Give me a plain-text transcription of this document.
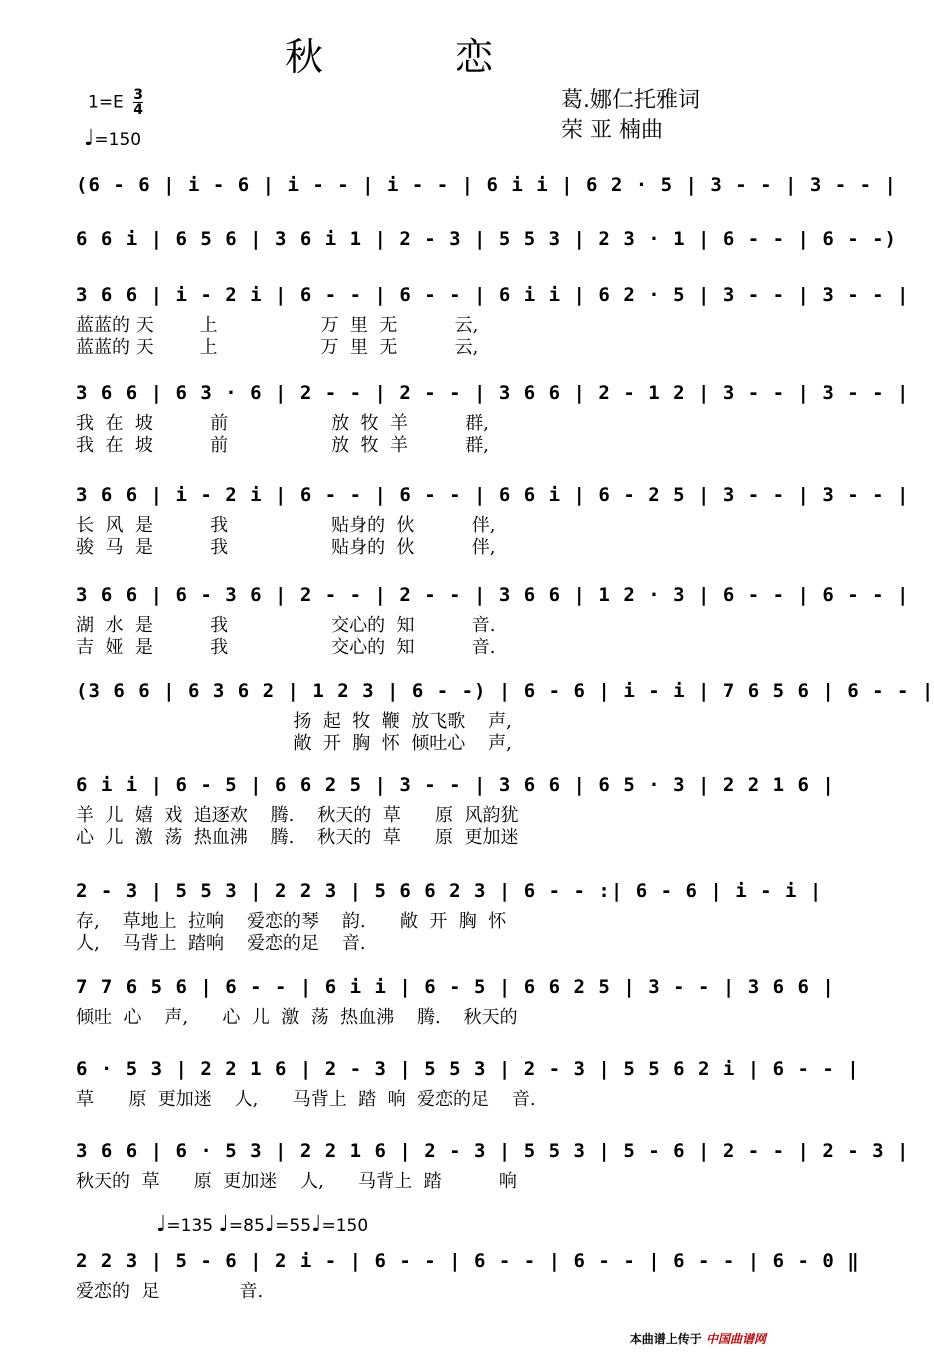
秋 恋
$1=E \frac{3}{4}$
♩=150
葛.娜仁托雅词
荣 亚 楠曲
(6 - 6 | i - 6 | i - - | i - - | 6 i i | 6 2 · 5 | 3 - - | 3 - - |
6 6 i | 6 5 6 | 3 6 i 1 | 2 - 3 | 5 5 3 | 2 3 · 1 | 6 - - | 6 - -)
3 6 6 | i - 2 i | 6 - - | 6 - - | 6 i i | 6 2 · 5 | 3 - - | 3 - - |
蓝蓝的 天        上                  万  里  无          云,
蓝蓝的 天        上                  万  里  无          云,
3 6 6 | 6 3 · 6 | 2 - - | 2 - - | 3 6 6 | 2 - 1 2 | 3 - - | 3 - - |
我  在  坡          前                  放  牧  羊          群,
我  在  坡          前                  放  牧  羊          群,
3 6 6 | i - 2 i | 6 - - | 6 - - | 6 6 i | 6 - 2 5 | 3 - - | 3 - - |
长  风  是          我                  贴身的  伙          伴,
骏  马  是          我                  贴身的  伙          伴,
3 6 6 | 6 - 3 6 | 2 - - | 2 - - | 3 6 6 | 1 2 · 3 | 6 - - | 6 - - |
湖  水  是          我                  交心的  知          音.
吉  娅  是          我                  交心的  知          音.
(3 6 6 | 6 3 6 2 | 1 2 3 | 6 - -) | 6 - 6 | i - i | 7 6 5 6 | 6 - - |
扬  起  牧  鞭  放飞歌    声,
敞  开  胸  怀  倾吐心    声,
6 i i | 6 - 5 | 6 6 2 5 | 3 - - | 3 6 6 | 6 5 · 3 | 2 2 1 6 |
羊  儿  嬉  戏  追逐欢    腾.    秋天的  草      原  风韵犹
心  儿  激  荡  热血沸    腾.    秋天的  草      原  更加迷
2 - 3 | 5 5 3 | 2 2 3 | 5 6 6 2 3 | 6 - - :| 6 - 6 | i - i |
存,    草地上  拉响    爱恋的琴    韵.      敞  开  胸  怀
人,    马背上  踏响    爱恋的足    音.
7 7 6 5 6 | 6 - - | 6 i i | 6 - 5 | 6 6 2 5 | 3 - - | 3 6 6 |
倾吐  心    声,      心  儿  激  荡  热血沸    腾.    秋天的
6 · 5 3 | 2 2 1 6 | 2 - 3 | 5 5 3 | 2 - 3 | 5 5 6 2 i | 6 - - |
草      原  更加迷    人,      马背上  踏  响  爱恋的足    音.
3 6 6 | 6 · 5 3 | 2 2 1 6 | 2 - 3 | 5 5 3 | 5 - 6 | 2 - - | 2 - 3 |
秋天的  草      原  更加迷    人,      马背上  踏          响
♩=135 ♩=85♩=55♩=150
2 2 3 | 5 - 6 | 2 i - | 6 - - | 6 - - | 6 - - | 6 - - | 6 - 0 ‖
爱恋的  足              音.
本曲谱上传于 中国曲谱网
